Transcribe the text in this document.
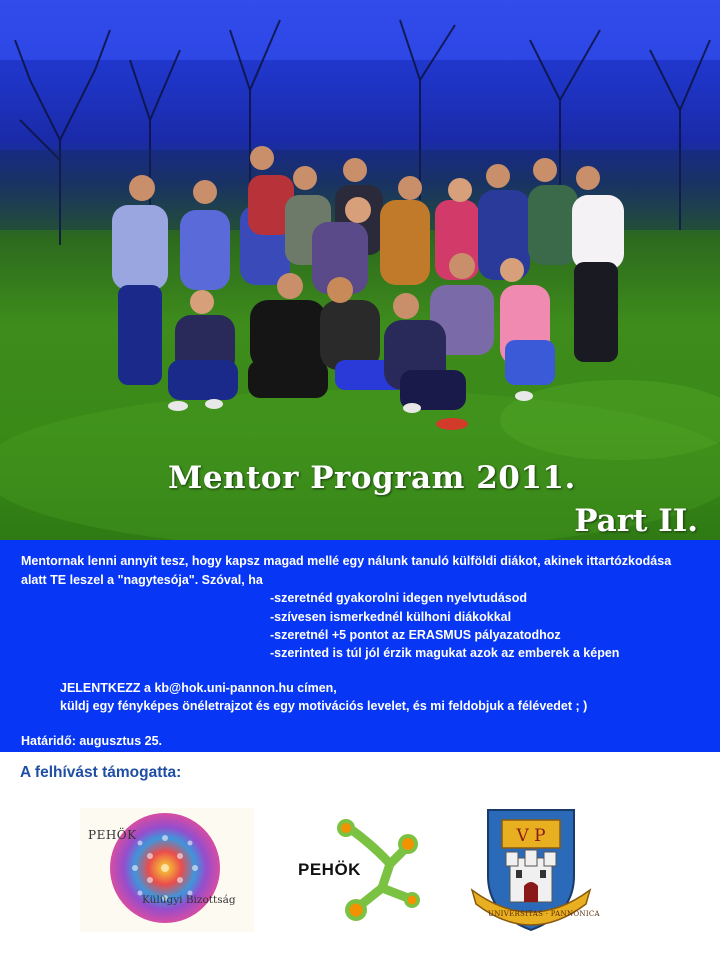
Mentor Program 2011.
Part II.

Mentornak lenni annyit tesz, hogy kapsz magad mellé egy nálunk tanuló külföldi diákot, akinek ittartózkodása

alatt TE leszel a "nagytesója". Szóval, ha

-szeretnéd gyakorolni idegen nyelvtudásod

-szívesen ismerkednél külhoni diákokkal

-szeretnél +5 pontot az ERASMUS pályazatodhoz

-szerinted is túl jól érzik magukat azok az emberek a képen

JELENTKEZZ a kb@hok.uni-pannon.hu címen,

küldj egy fényképes önéletrajzot és egy motivációs levelet, és mi feldobjuk a félévedet ; )

Határidő: augusztus 25.

A felhívást támogatta:

PEHÖK
Külügyi Bizottság
PEHÖK
V P
UNIVERSITAS · PANNONICA
